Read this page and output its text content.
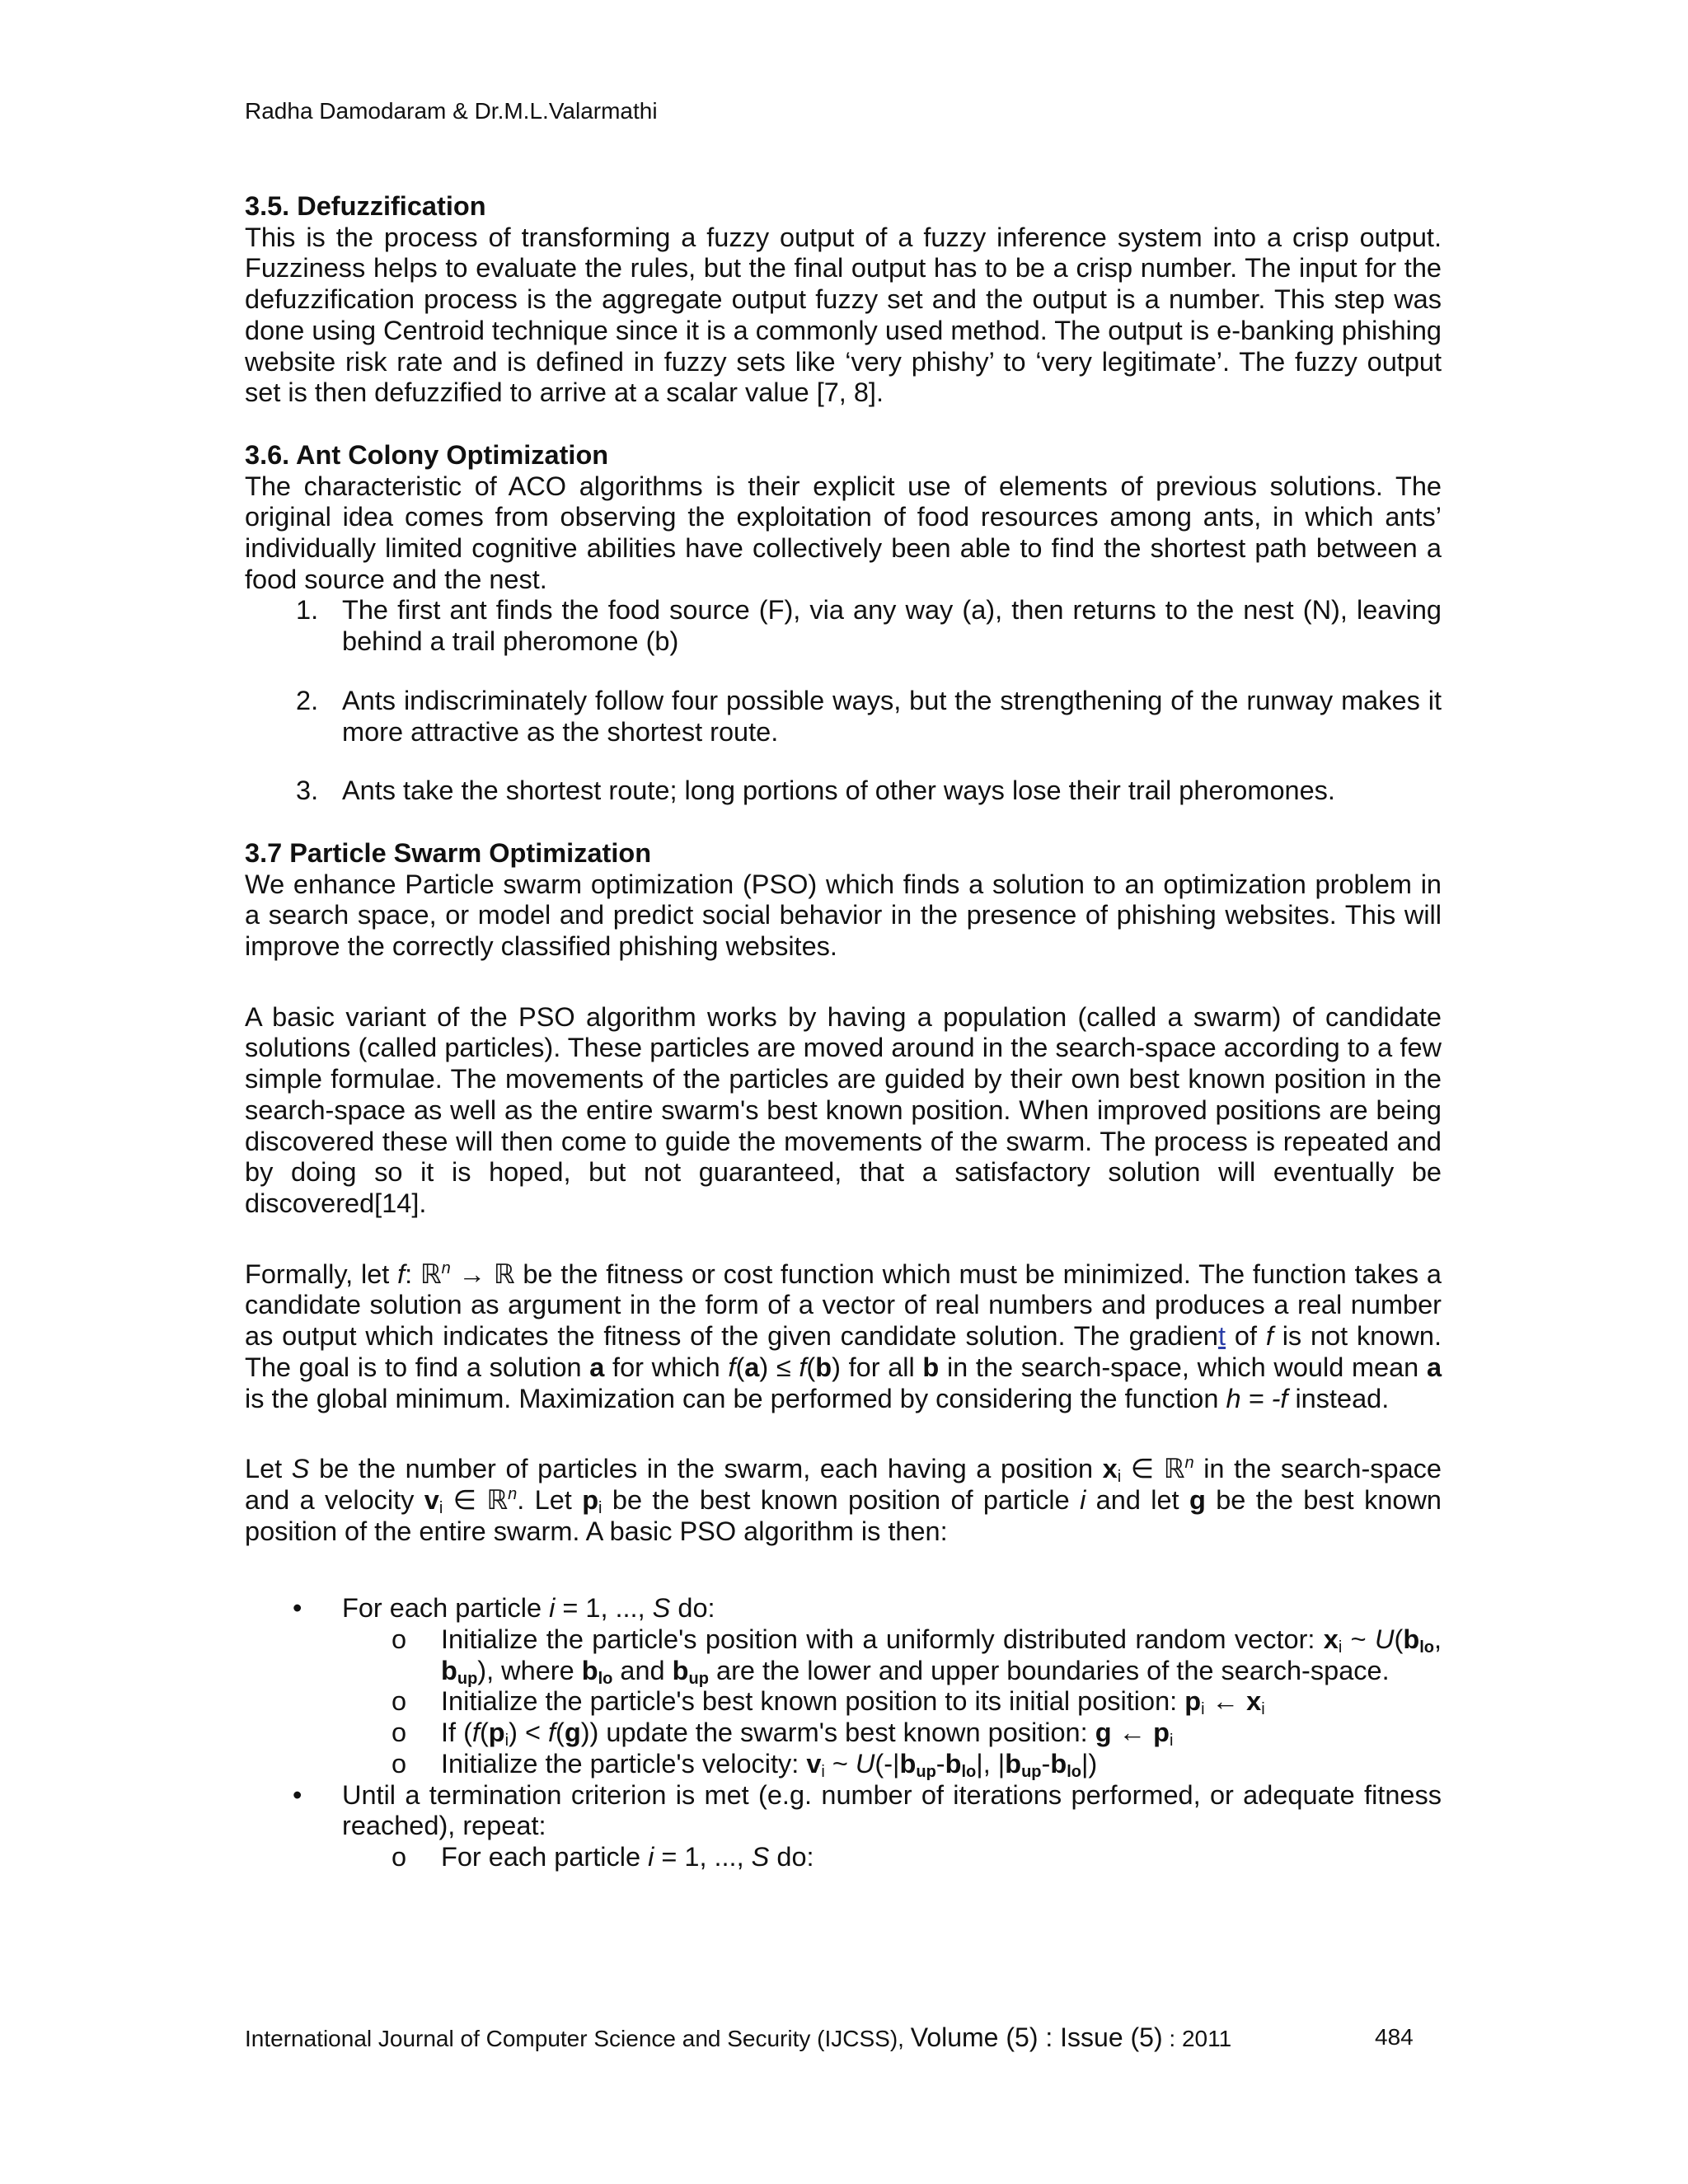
Radha Damodaram & Dr.M.L.Valarmathi
3.5. Defuzzification
This is the process of transforming a fuzzy output of a fuzzy inference system into a crisp output. Fuzziness helps to evaluate the rules, but the final output has to be a crisp number. The input for the defuzzification process is the aggregate output fuzzy set and the output is a number. This step was done using Centroid technique since it is a commonly used method. The output is e-banking phishing website risk rate and is defined in fuzzy sets like ‘very phishy’ to ‘very legitimate’. The fuzzy output set is then defuzzified to arrive at a scalar value [7, 8].
3.6. Ant Colony Optimization
The characteristic of ACO algorithms is their explicit use of elements of previous solutions. The original idea comes from observing the exploitation of food resources among ants, in which ants’ individually limited cognitive abilities have collectively been able to find the shortest path between a food source and the nest.
1. The first ant finds the food source (F), via any way (a), then returns to the nest (N), leaving behind a trail pheromone (b)
2. Ants indiscriminately follow four possible ways, but the strengthening of the runway makes it more attractive as the shortest route.
3. Ants take the shortest route; long portions of other ways lose their trail pheromones.
3.7 Particle Swarm Optimization
We enhance Particle swarm optimization (PSO) which finds a solution to an optimization problem in a search space, or model and predict social behavior in the presence of phishing websites. This will improve the correctly classified phishing websites.
A basic variant of the PSO algorithm works by having a population (called a swarm) of candidate solutions (called particles). These particles are moved around in the search-space according to a few simple formulae. The movements of the particles are guided by their own best known position in the search-space as well as the entire swarm's best known position. When improved positions are being discovered these will then come to guide the movements of the swarm. The process is repeated and by doing so it is hoped, but not guaranteed, that a satisfactory solution will eventually be discovered[14].
Formally, let f: ℝ$^n$ → ℝ be the fitness or cost function which must be minimized. The function takes a candidate solution as argument in the form of a vector of real numbers and produces a real number as output which indicates the fitness of the given candidate solution. The gradient of f is not known. The goal is to find a solution a for which f(a) ≤ f(b) for all b in the search-space, which would mean a is the global minimum. Maximization can be performed by considering the function h = -f instead.
Let S be the number of particles in the swarm, each having a position $x_i$ ∈ ℝ$^n$ in the search-space and a velocity $v_i$ ∈ ℝ$^n$. Let $p_i$ be the best known position of particle i and let g be the best known position of the entire swarm. A basic PSO algorithm is then:
• For each particle i = 1, ..., S do:
o Initialize the particle's position with a uniformly distributed random vector: $x_i$ ~ $U(b_{lo}$, $b_{up}$), where $b_{lo}$ and $b_{up}$ are the lower and upper boundaries of the search-space.
o Initialize the particle's best known position to its initial position: $p_i$ ← $x_i$
o If $(f(p_i) < f(g))$ update the swarm's best known position: g ← $p_i$
o Initialize the particle's velocity: $v_i$ ~ $U(-|b_{up}-b_{lo}|$, $|b_{up}-b_{lo}|$)
• Until a termination criterion is met (e.g. number of iterations performed, or adequate fitness reached), repeat:
o For each particle i = 1, ..., S do:
International Journal of Computer Science and Security (IJCSS), Volume (5) : Issue (5) : 2011	484
